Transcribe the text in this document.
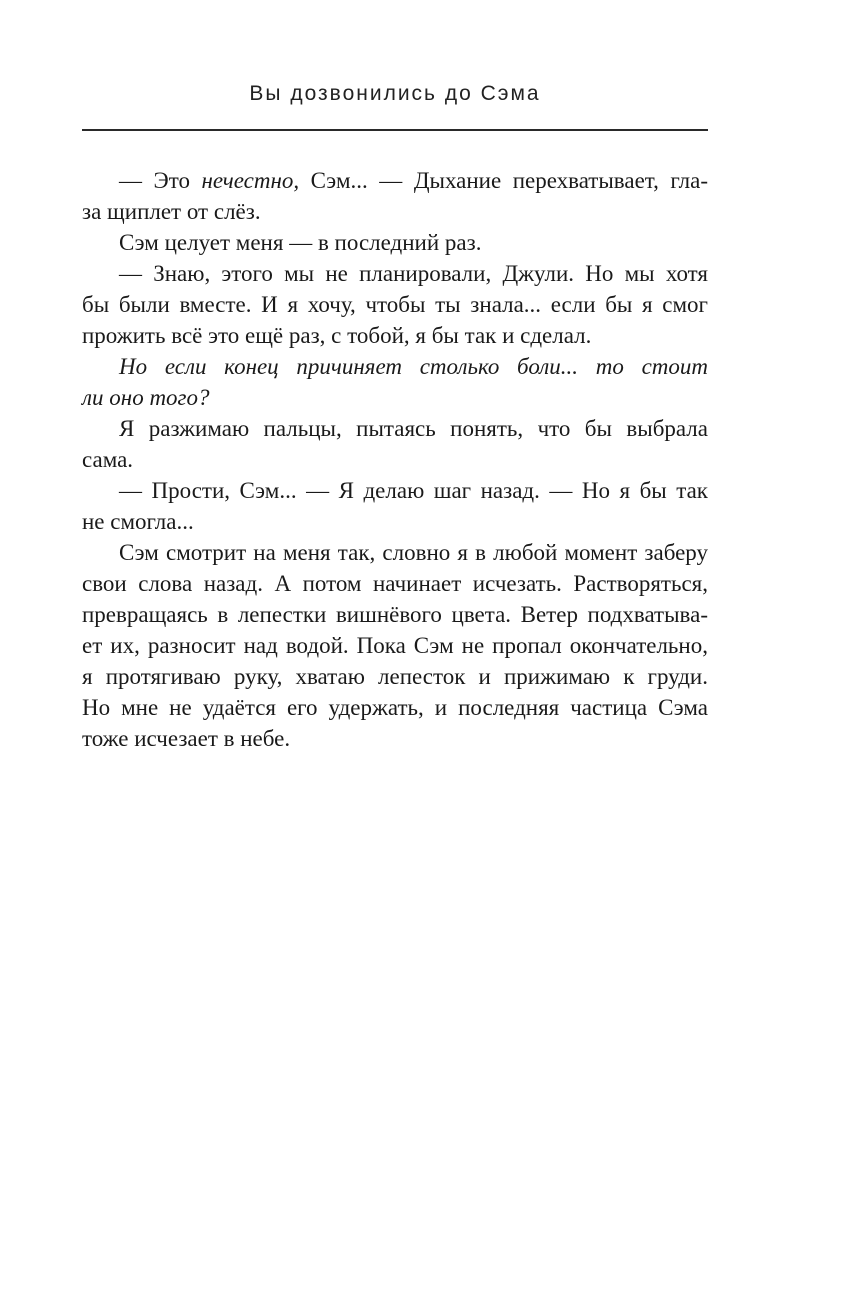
Вы дозвонились до Сэма
— Это нечестно, Сэм... — Дыхание перехватывает, гла-
за щиплет от слёз.
Сэм целует меня — в последний раз.
— Знаю, этого мы не планировали, Джули. Но мы хотя
бы были вместе. И я хочу, чтобы ты знала... если бы я смог
прожить всё это ещё раз, с тобой, я бы так и сделал.
Но если конец причиняет столько боли... то стоит
ли оно того?
Я разжимаю пальцы, пытаясь понять, что бы выбрала
сама.
— Прости, Сэм... — Я делаю шаг назад. — Но я бы так
не смогла...
Сэм смотрит на меня так, словно я в любой момент заберу
свои слова назад. А потом начинает исчезать. Растворяться,
превращаясь в лепестки вишнёвого цвета. Ветер подхватыва-
ет их, разносит над водой. Пока Сэм не пропал окончательно,
я протягиваю руку, хватаю лепесток и прижимаю к груди.
Но мне не удаётся его удержать, и последняя частица Сэма
тоже исчезает в небе.
